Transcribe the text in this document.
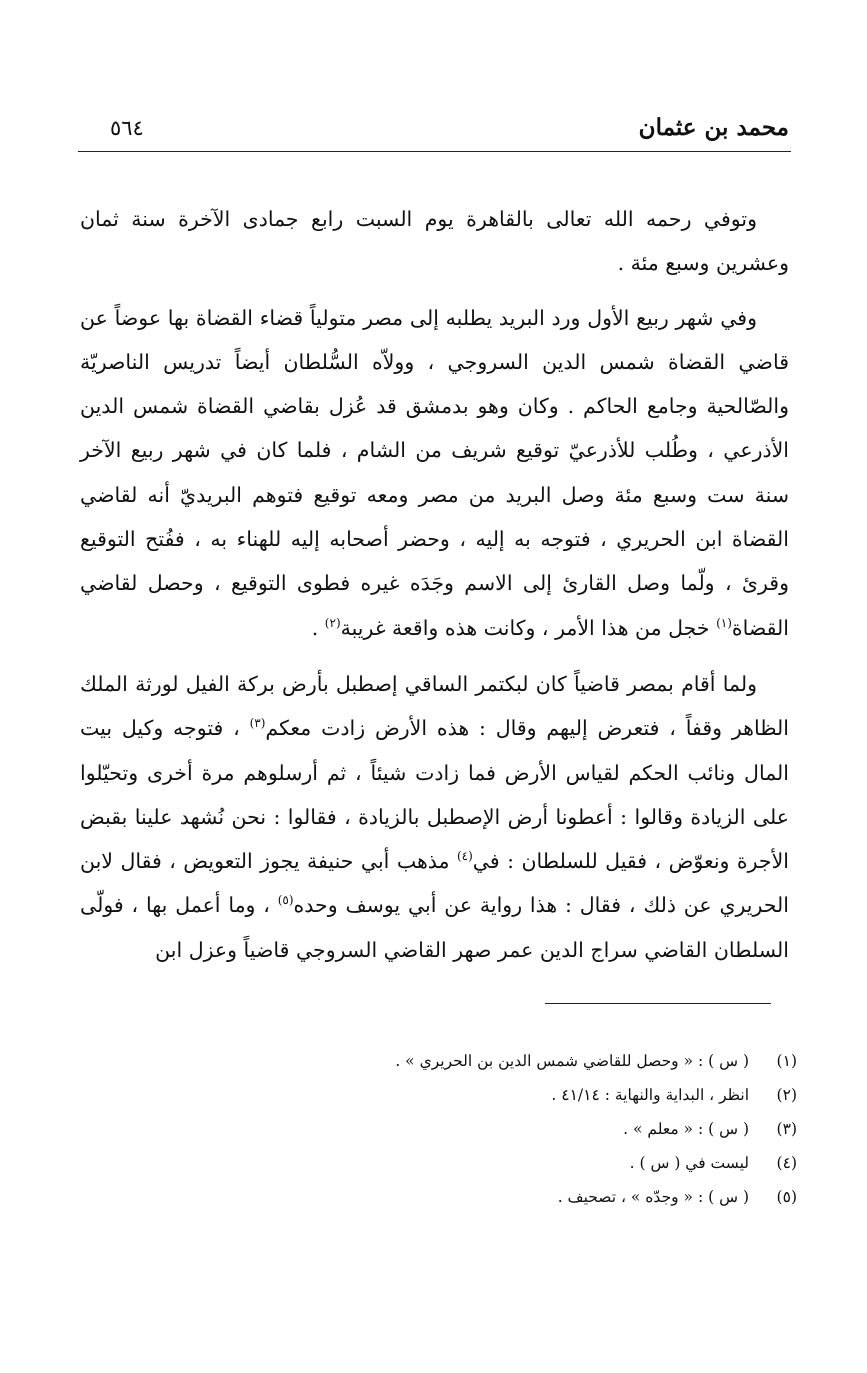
محمد بن عثمان
٥٦٤

وتوفي رحمه الله تعالى بالقاهرة يوم السبت رابع جمادى الآخرة سنة ثمان وعشرين وسبع مئة .

وفي شهر ربيع الأول ورد البريد يطلبه إلى مصر متولياً قضاء القضاة بها عوضاً عن قاضي القضاة شمس الدين السروجي ، وولاّه السُّلطان أيضاً تدريس الناصريّة والصّالحية وجامع الحاكم . وكان وهو بدمشق قد عُزل بقاضي القضاة شمس الدين الأذرعي ، وطُلب للأذرعيّ توقيع شريف من الشام ، فلما كان في شهر ربيع الآخر سنة ست وسبع مئة وصل البريد من مصر ومعه توقيع فتوهم البريديّ أنه لقاضي القضاة ابن الحريري ، فتوجه به إليه ، وحضر أصحابه إليه للهناء به ، ففُتح التوقيع وقرئ ، ولّما وصل القارئ إلى الاسم وجَدَه غيره فطوى التوقيع ، وحصل لقاضي القضاة$^{(١)}$ خجل من هذا الأمر ، وكانت هذه واقعة غريبة$^{(٢)}$ .

ولما أقام بمصر قاضياً كان لبكتمر الساقي إصطبل بأرض بركة الفيل لورثة الملك الظاهر وقفاً ، فتعرض إليهم وقال : هذه الأرض زادت معكم$^{(٣)}$ ، فتوجه وكيل بيت المال ونائب الحكم لقياس الأرض فما زادت شيئاً ، ثم أرسلوهم مرة أخرى وتحيّلوا على الزيادة وقالوا : أعطونا أرض الإصطبل بالزيادة ، فقالوا : نحن نُشهد علينا بقبض الأجرة ونعوّض ، فقيل للسلطان : في$^{(٤)}$ مذهب أبي حنيفة يجوز التعويض ، فقال لابن الحريري عن ذلك ، فقال : هذا رواية عن أبي يوسف وحده$^{(٥)}$ ، وما أعمل بها ، فولّى السلطان القاضي سراج الدين عمر صهر القاضي السروجي قاضياً وعزل ابن

(١)
( س ) : « وحصل للقاضي شمس الدين بن الحريري » .
(٢)
انظر ، البداية والنهاية : ٤١/١٤ .
(٣)
( س ) : « معلم » .
(٤)
ليست في ( س ) .
(٥)
( س ) : « وجدّه » ، تصحيف .
